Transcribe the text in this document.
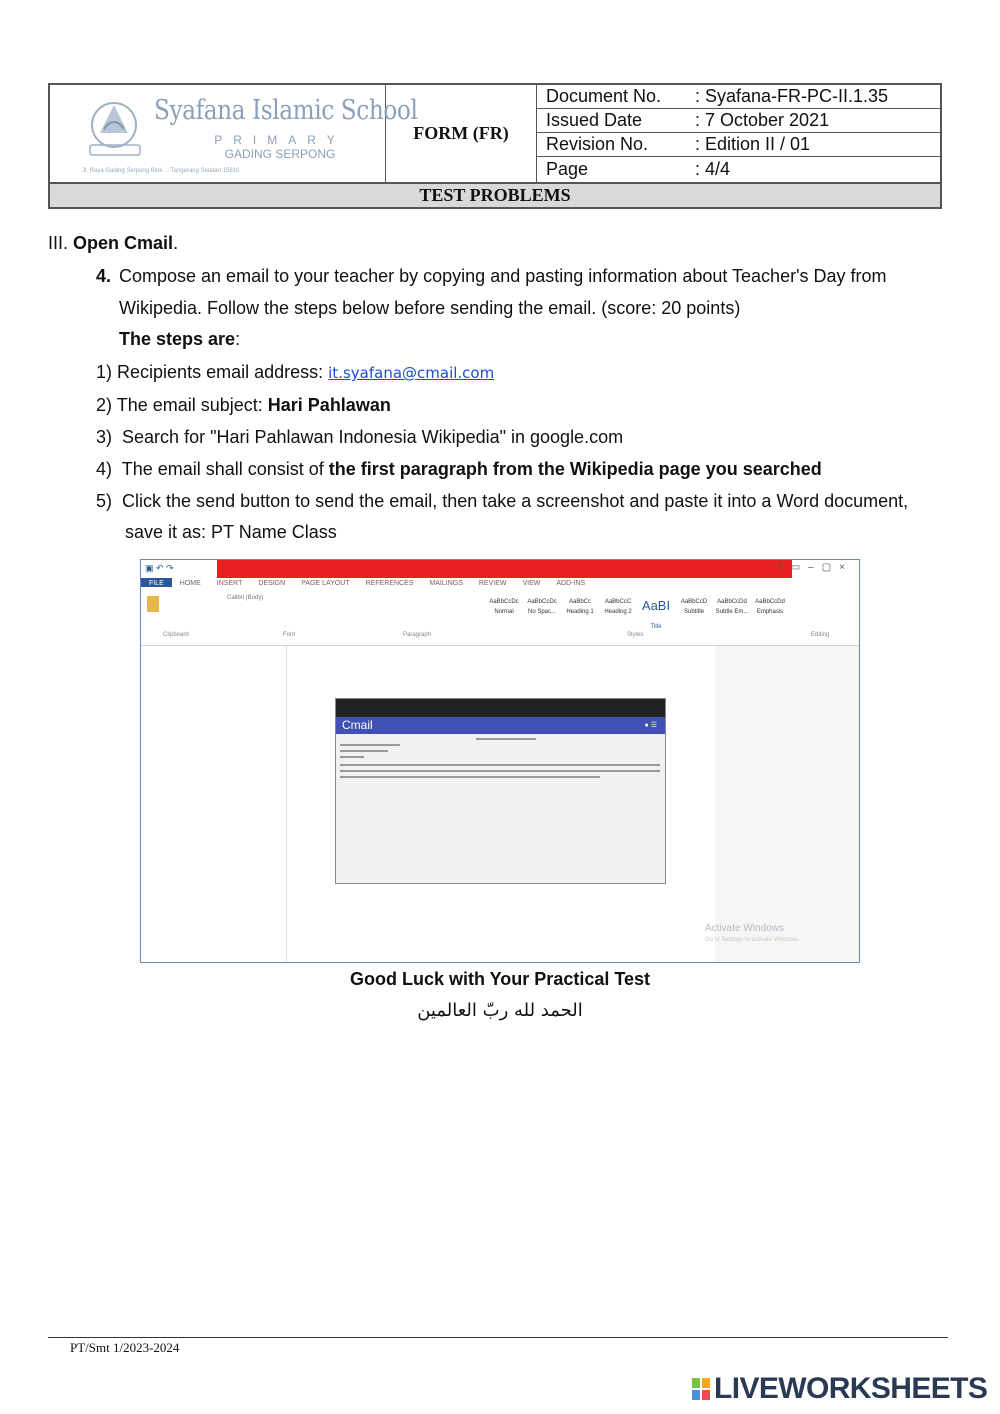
Syafana Islamic School
PRIMARY
GADING SERPONG
Jl. Raya Gading Serpong Blok ... Tangerang Selatan 15810
FORM (FR)
Document No.	: Syafana-FR-PC-II.1.35
Issued Date	: 7 October 2021
Revision No.	: Edition II / 01
Page	: 4/4
TEST PROBLEMS
III. Open Cmail.
4. Compose an email to your teacher by copying and pasting information about Teacher's Day from
Wikipedia. Follow the steps below before sending the email. (score: 20 points)
The steps are:
1) Recipients email address: it.syafana@cmail.com
2) The email subject: Hari Pahlawan
3) Search for "Hari Pahlawan Indonesia Wikipedia" in google.com
4) The email shall consist of the first paragraph from the Wikipedia page you searched
5) Click the send button to send the email, then take a screenshot and paste it into a Word document,
save it as: PT Name Class
▣ ↶ ↷	?▭–▢×
FILE HOME INSERT DESIGN PAGE LAYOUT REFERENCES MAILINGS REVIEW VIEW ADD-INS
Calibri (Body)
Clipboard	Font	Paragraph	Styles	Editing
AaBbCcDc
Normal
AaBbCcDc
No Spac...
AaBbCc
Heading 1
AaBbCcC
Heading 2 AaBI
Title
AaBbCcD
Subtitle
AaBbCcDd
Subtle Em...
AaBbCcDd
Emphasis
Cmail	● ☰
Activate Windows
Go to Settings to activate Windows.
Good Luck with Your Practical Test
الحمد لله ربّ العالمين
PT/Smt 1/2023-2024
LIVEWORKSHEETS
